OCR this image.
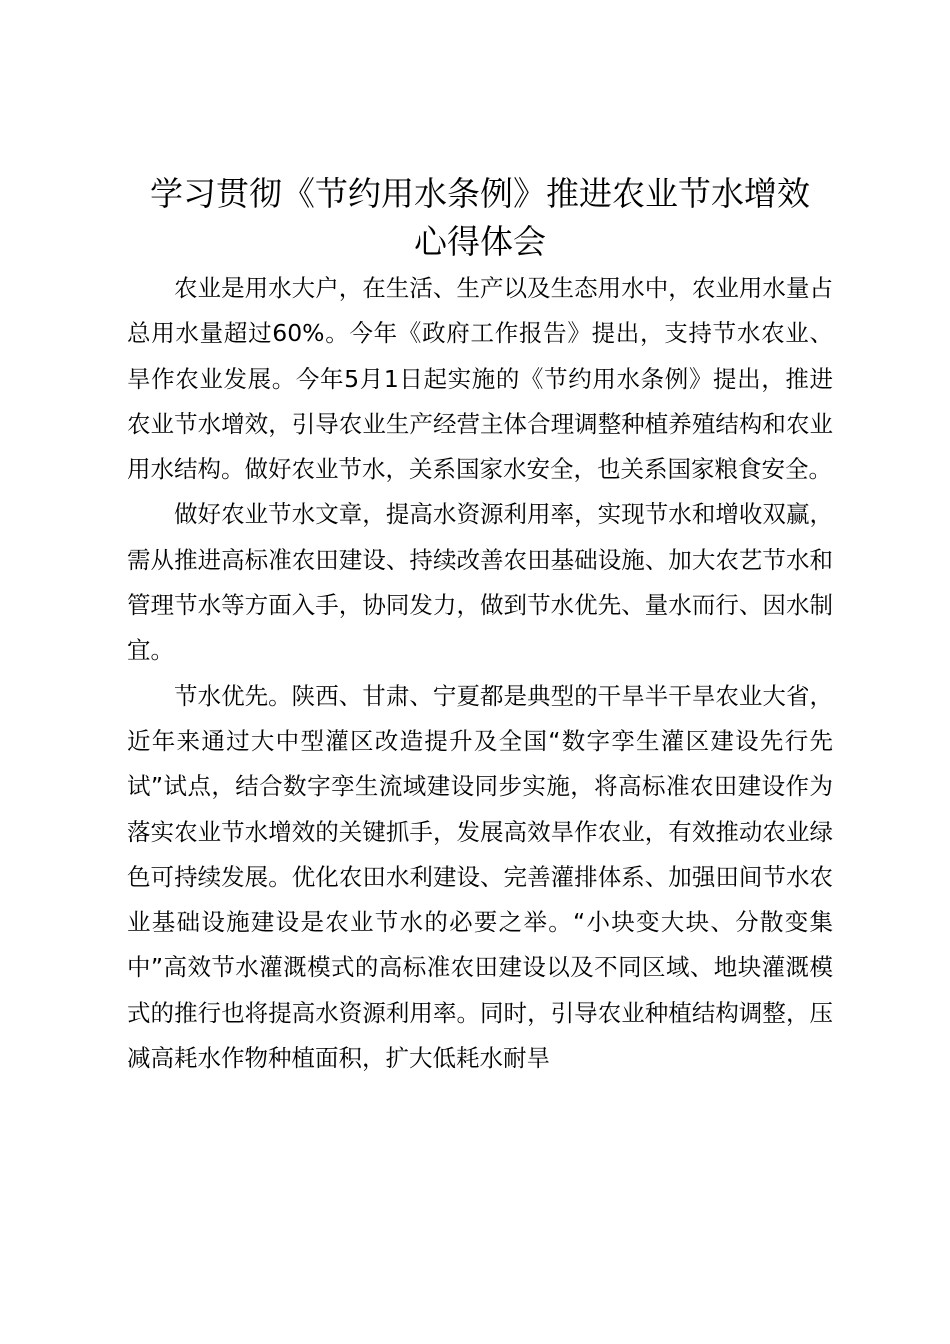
学习贯彻《节约用水条例》推进农业节水增效
心得体会

农业是用水大户，在生活、生产以及生态用水中，农业用水量占总用水量超过60%。今年《政府工作报告》提出，支持节水农业、旱作农业发展。今年5月1日起实施的《节约用水条例》提出，推进农业节水增效，引导农业生产经营主体合理调整种植养殖结构和农业用水结构。做好农业节水，关系国家水安全，也关系国家粮食安全。

做好农业节水文章，提高水资源利用率，实现节水和增收双赢，需从推进高标准农田建设、持续改善农田基础设施、加大农艺节水和管理节水等方面入手，协同发力，做到节水优先、量水而行、因水制宜。

节水优先。陕西、甘肃、宁夏都是典型的干旱半干旱农业大省，近年来通过大中型灌区改造提升及全国“数字孪生灌区建设先行先试”试点，结合数字孪生流域建设同步实施，将高标准农田建设作为落实农业节水增效的关键抓手，发展高效旱作农业，有效推动农业绿色可持续发展。优化农田水利建设、完善灌排体系、加强田间节水农业基础设施建设是农业节水的必要之举。“小块变大块、分散变集中”高效节水灌溉模式的高标准农田建设以及不同区域、地块灌溉模式的推行也将提高水资源利用率。同时，引导农业种植结构调整，压减高耗水作物种植面积，扩大低耗水耐旱
